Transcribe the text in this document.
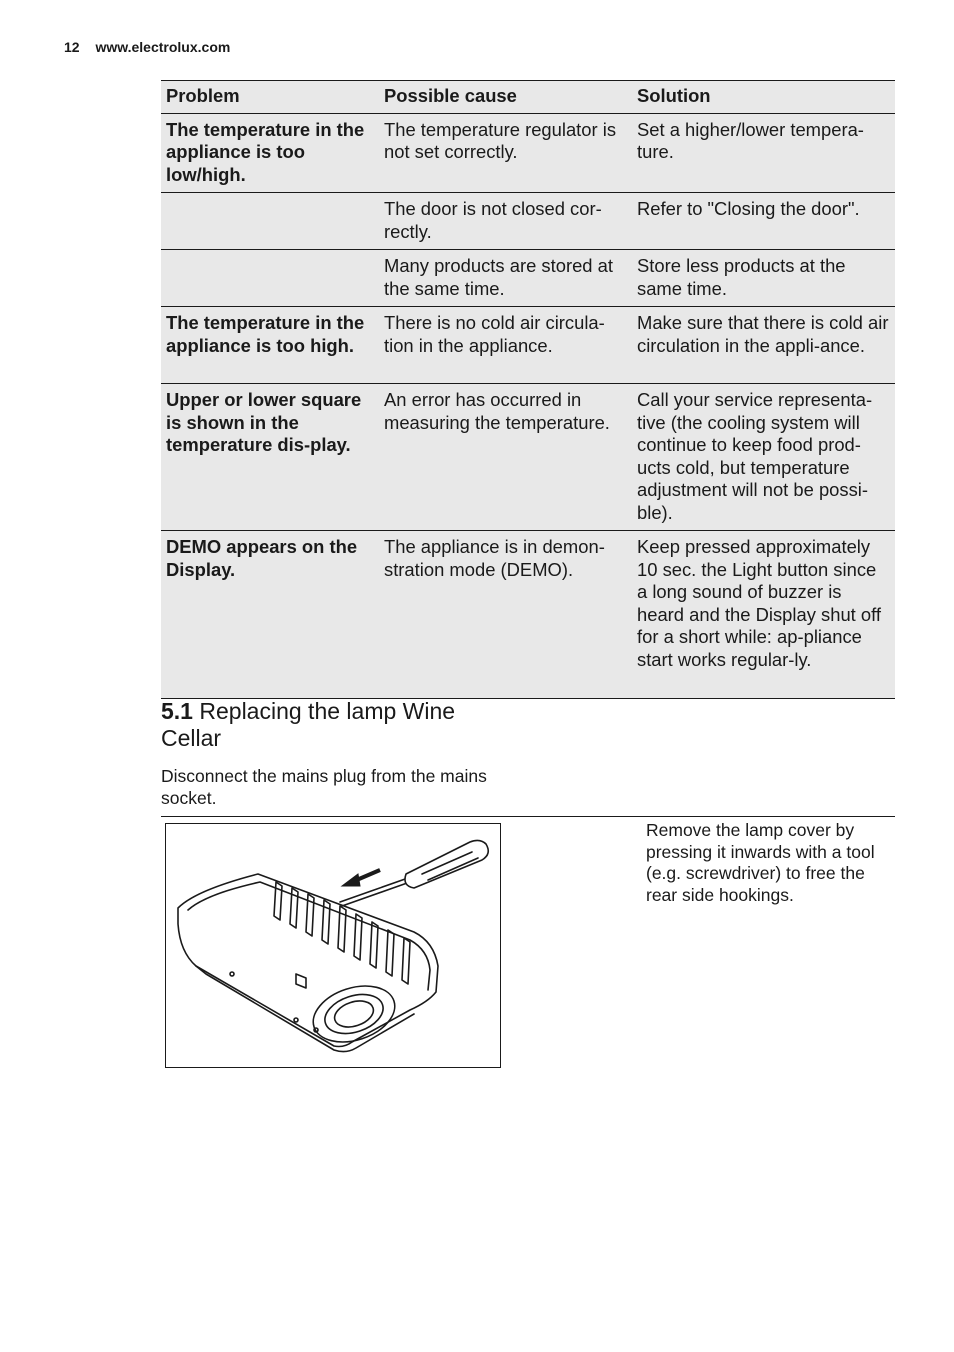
12 www.electrolux.com
Problem	Possible cause	Solution
The temperature in the appliance is too low/high.	The temperature regulator is not set correctly.	Set a higher/lower tempera-ture.
	The door is not closed cor-rectly.	Refer to "Closing the door".
	Many products are stored at the same time.	Store less products at the same time.
The temperature in the appliance is too high.	There is no cold air circula-tion in the appliance.	Make sure that there is cold air circulation in the appli-ance.
Upper or lower square is shown in the temperature dis-play.	An error has occurred in measuring the temperature.	Call your service representa-tive (the cooling system will continue to keep food prod-ucts cold, but temperature adjustment will not be possi-ble).
DEMO appears on the Display.	The appliance is in demon-stration mode (DEMO).	Keep pressed approximately 10 sec. the Light button since a long sound of buzzer is heard and the Display shut off for a short while: ap-pliance start works regular-ly.
5.1 Replacing the lamp Wine Cellar
Disconnect the mains plug from the mains socket.
Remove the lamp cover by pressing it inwards with a tool (e.g. screwdriver) to free the rear side hookings.
